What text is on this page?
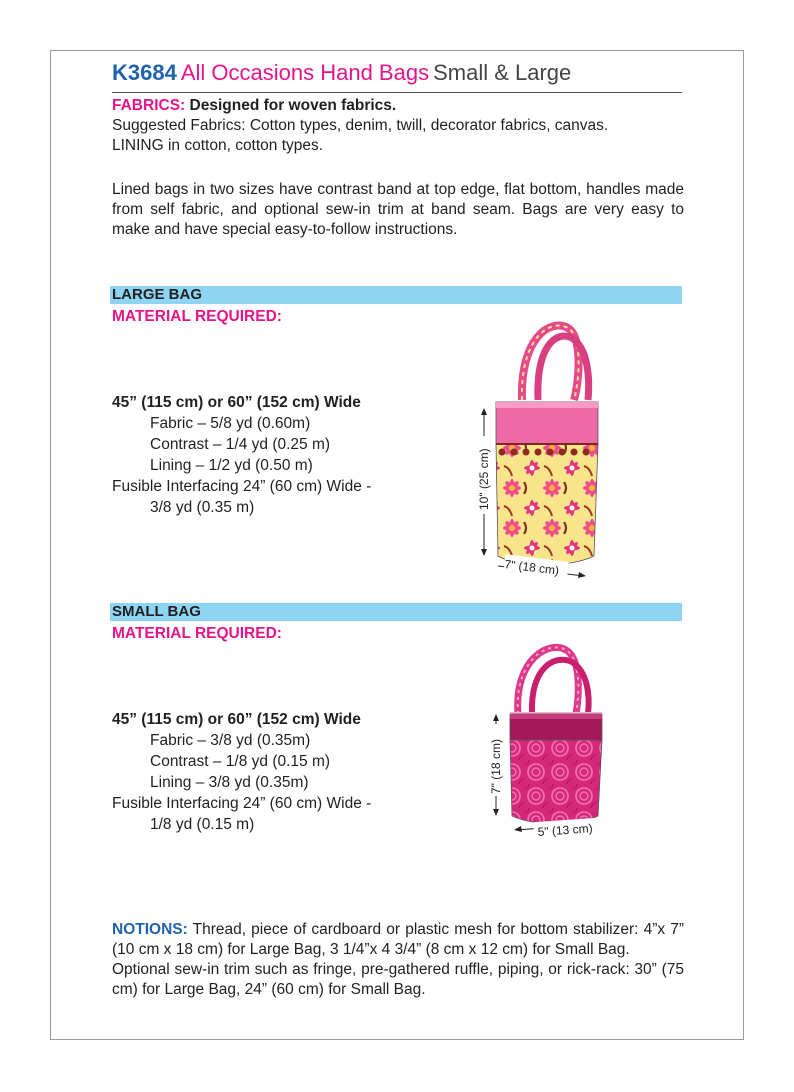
K3684 All Occasions Hand Bags Small & Large

FABRICS: Designed for woven fabrics.

Suggested Fabrics: Cotton types, denim, twill, decorator fabrics, canvas.

LINING in cotton, cotton types.

Lined bags in two sizes have contrast band at top edge, flat bottom, handles made from self fabric, and optional sew-in trim at band seam. Bags are very easy to make and have special easy-to-follow instructions.
LARGE BAG
MATERIAL REQUIRED:

45” (115 cm) or 60” (152 cm) Wide

Fabric – 5/8 yd (0.60m)

Contrast – 1/4 yd (0.25 m)

Lining – 1/2 yd (0.50 m)

Fusible Interfacing 24” (60 cm) Wide -

3/8 yd (0.35 m)	10" (25 cm)
7" (18 cm)
SMALL BAG
MATERIAL REQUIRED:

45” (115 cm) or 60” (152 cm) Wide

Fabric – 3/8 yd (0.35m)

Contrast – 1/8 yd (0.15 m)

Lining – 3/8 yd (0.35m)

Fusible Interfacing 24” (60 cm) Wide -

1/8 yd (0.15 m)

7" (18 cm)
5" (13 cm)

NOTIONS: Thread, piece of cardboard or plastic mesh for bottom stabilizer: 4”x 7” (10 cm x 18 cm) for Large Bag, 3 1/4”x 4 3/4” (8 cm x 12 cm) for Small Bag.

Optional sew-in trim such as fringe, pre-gathered ruffle, piping, or rick-rack: 30” (75 cm) for Large Bag, 24” (60 cm) for Small Bag.
